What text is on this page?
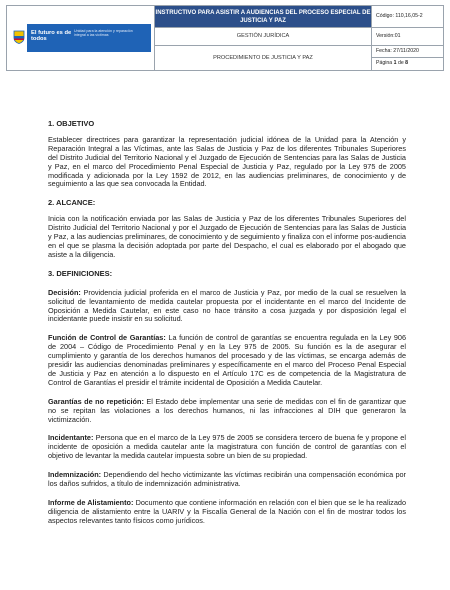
El futuro es de todos
Unidad para la atención y reparación integral a las víctimas
INSTRUCTIVO PARA ASISTIR A AUDIENCIAS DEL PROCESO ESPECIAL DE JUSTICIA Y PAZ
GESTIÓN JURÍDICA
PROCEDIMIENTO DE JUSTICIA Y PAZ
Código: 110,16,05-2
Versión:01
Fecha: 27/11/2020
Página 1 de 8

1. OBJETIVO

Establecer directrices para garantizar la representación judicial idónea de la Unidad para la Atención y Reparación Integral a las Víctimas, ante las Salas de Justicia y Paz de los diferentes Tribunales Superiores del Distrito Judicial del Territorio Nacional y el Juzgado de Ejecución de Sentencias para las Salas de Justicia y Paz, en el marco del Procedimiento Penal Especial de Justicia y Paz, regulado por la Ley 975 de 2005 modificada y adicionada por la Ley 1592 de 2012, en las audiencias preliminares, de conocimiento y de seguimiento a las que sea convocada la Entidad.

2. ALCANCE:

Inicia con la notificación enviada por las Salas de Justicia y Paz de los diferentes Tribunales Superiores del Distrito Judicial del Territorio Nacional y por el Juzgado de Ejecución de Sentencias para las Salas de Justicia y Paz, a las audiencias preliminares, de conocimiento y de seguimiento y finaliza con el informe pos-audiencia en el que se plasma la decisión adoptada por parte del Despacho, el cual es elaborado por el abogado que asiste a la diligencia.

3. DEFINICIONES:

Decisión: Providencia judicial proferida en el marco de Justicia y Paz, por medio de la cual se resuelven la solicitud de levantamiento de medida cautelar propuesta por el incidentante en el marco del Incidente de Oposición a Medida Cautelar, en este caso no hace tránsito a cosa juzgada y por disposición legal el incidentante puede insistir en su solicitud.

Función de Control de Garantías: La función de control de garantías se encuentra regulada en la Ley 906 de 2004 – Código de Procedimiento Penal y en la Ley 975 de 2005. Su función es la de asegurar el cumplimiento y garantía de los derechos humanos del procesado y de las víctimas, se encarga además de presidir las audiencias denominadas preliminares y específicamente en el marco del Proceso Penal Especial de Justicia y Paz en atención a lo dispuesto en el Artículo 17C es de competencia de la Magistratura de Control de Garantías el presidir el trámite incidental de Oposición a Medida Cautelar.

Garantías de no repetición: El Estado debe implementar una serie de medidas con el fin de garantizar que no se repitan las violaciones a los derechos humanos, ni las infracciones al DIH que generaron la victimización.

Incidentante: Persona que en el marco de la Ley 975 de 2005 se considera tercero de buena fe y propone el incidente de oposición a medida cautelar ante la magistratura con función de control de garantías con el objetivo de levantar la medida cautelar impuesta sobre un bien de su propiedad.

Indemnización: Dependiendo del hecho victimizante las víctimas recibirán una compensación económica por los daños sufridos, a título de indemnización administrativa.

Informe de Alistamiento: Documento que contiene información en relación con el bien que se le ha realizado diligencia de alistamiento entre la UARIV y la Fiscalía General de la Nación con el fin de mostrar todos los aspectos relevantes tanto físicos como jurídicos.
